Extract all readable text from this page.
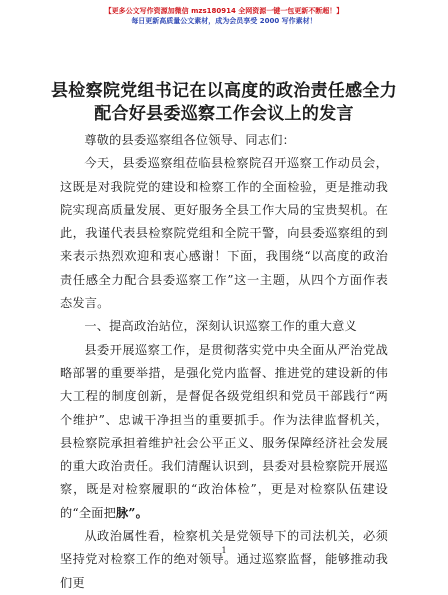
【更多公文写作资源加微信 mzs180914 全网资源一键一包更新不断超！】
每日更新高质量公文素材，成为会员享受 2000 写作素材！
县检察院党组书记在以高度的政治责任感全力
配合好县委巡察工作会议上的发言

尊敬的县委巡察组各位领导、同志们：

今天，县委巡察组莅临县检察院召开巡察工作动员会，这既是对我院党的建设和检察工作的全面检验，更是推动我院实现高质量发展、更好服务全县工作大局的宝贵契机。在此，我谨代表县检察院党组和全院干警，向县委巡察组的到来表示热烈欢迎和衷心感谢！下面，我围绕“以高度的政治责任感全力配合县委巡察工作”这一主题，从四个方面作表态发言。

一、提高政治站位，深刻认识巡察工作的重大意义

县委开展巡察工作，是贯彻落实党中央全面从严治党战略部署的重要举措，是强化党内监督、推进党的建设新的伟大工程的制度创新，是督促各级党组织和党员干部践行“两个维护”、忠诚干净担当的重要抓手。作为法律监督机关，县检察院承担着维护社会公平正义、服务保障经济社会发展的重大政治责任。我们清醒认识到，县委对县检察院开展巡察，既是对检察履职的“政治体检”，更是对检察队伍建设的“全面把脉”。

从政治属性看，检察机关是党领导下的司法机关，必须坚持党对检察工作的绝对领导。通过巡察监督，能够推动我们更

1
